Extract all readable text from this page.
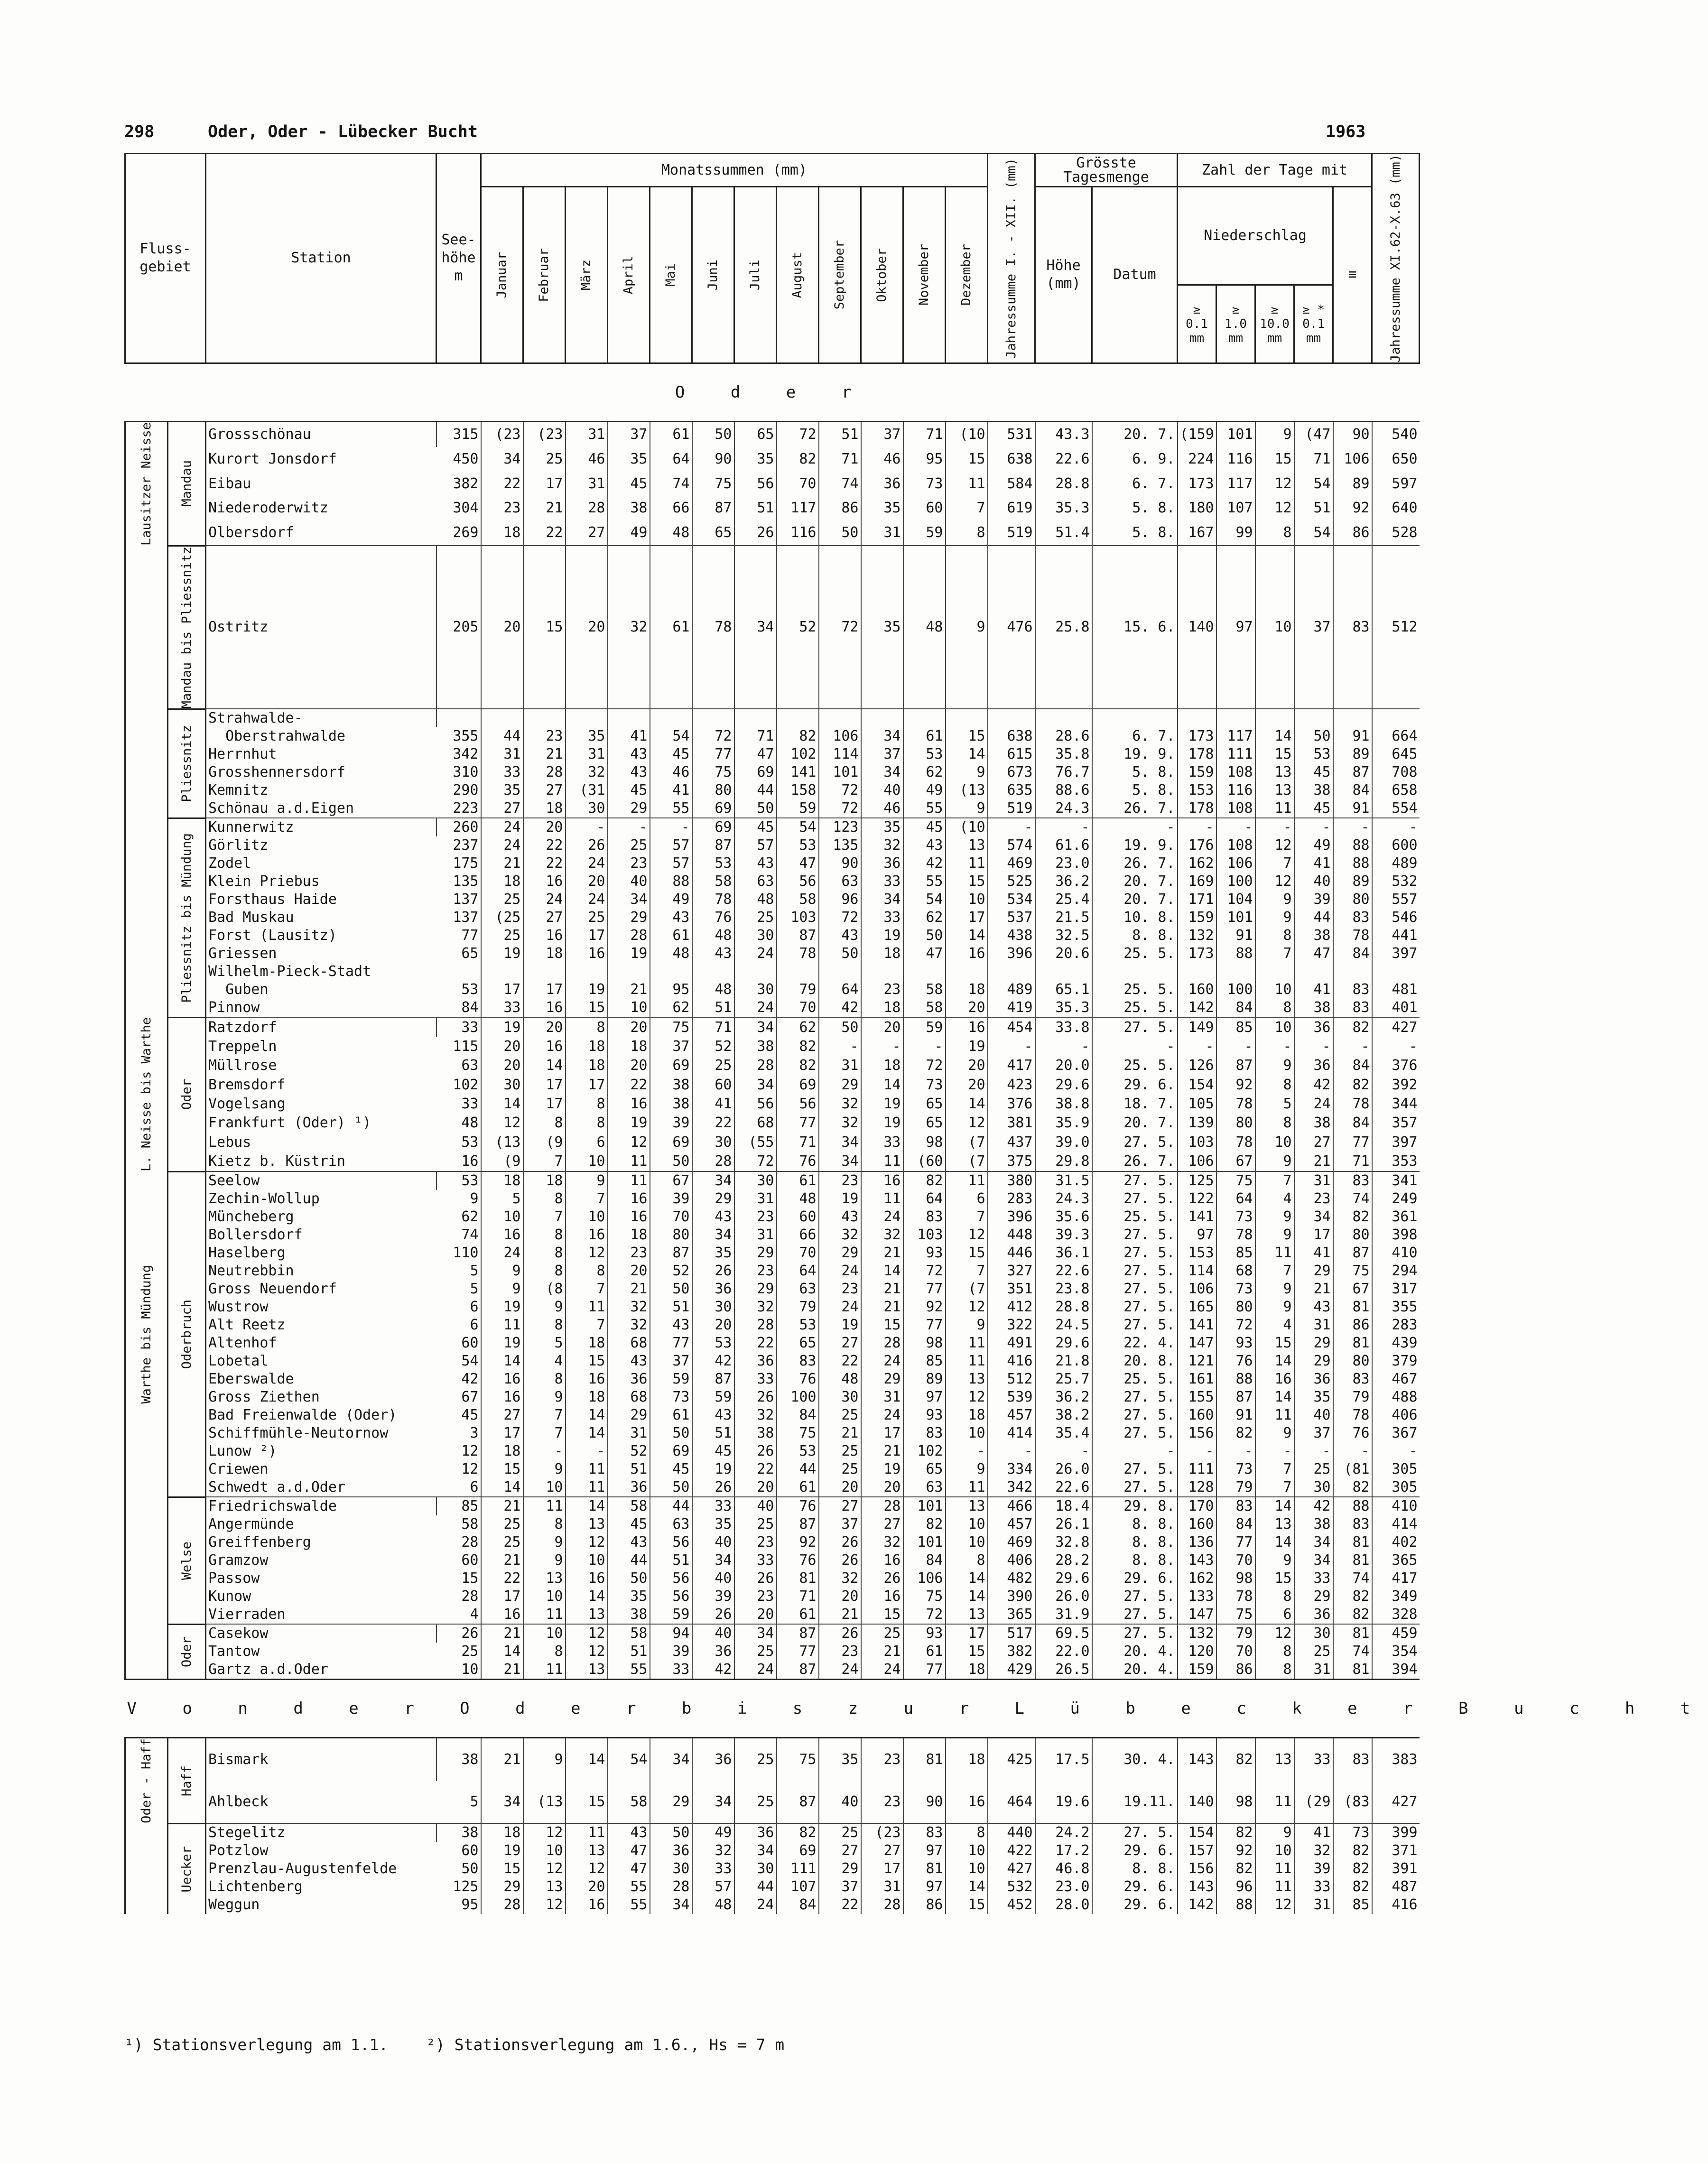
298	Oder, Oder - Lübecker Bucht	1963
Fluss-gebiet		Station	See-höhe m	Monatssummen (mm)												Jahressumme I. - XII. (mm)	Grösste Tagesmenge		Zahl der Tage mit					Jahressumme XI.62-X.63 (mm)

				Januar	Februar	März	April	Mai	Juni	Juli	August	September	Oktober	November	Dezember		Höhe (mm)	Datum	Niederschlag				≡	
																			≥ 0.1 mm	≥ 1.0 mm	≥ 10.0 mm	≥ * 0.1 mm		
O d e r																								

Lausitzer Neisse	Mandau	Grossschönau	315	(23	(23	31	37	61	50	65	72	51	37	71	(10	531	43.3	20. 7.	(159	101	9	(47	90	540
		Kurort Jonsdorf	450	34	25	46	35	64	90	35	82	71	46	95	15	638	22.6	6. 9.	224	116	15	71	106	650
		Eibau	382	22	17	31	45	74	75	56	70	74	36	73	11	584	28.8	6. 7.	173	117	12	54	89	597
		Niederoderwitz	304	23	21	28	38	66	87	51	117	86	35	60	7	619	35.3	5. 8.	180	107	12	51	92	640
		Olbersdorf	269	18	22	27	49	48	65	26	116	50	31	59	8	519	51.4	5. 8.	167	99	8	54	86	528

	Mandau bis Pliessnitz	Ostritz	205	20	15	20	32	61	78	34	52	72	35	48	9	476	25.8	15. 6.	140	97	10	37	83	512

	Pliessnitz	Strahwalde-																						
		Oberstrahwalde	355	44	23	35	41	54	72	71	82	106	34	61	15	638	28.6	6. 7.	173	117	14	50	91	664
		Herrnhut	342	31	21	31	43	45	77	47	102	114	37	53	14	615	35.8	19. 9.	178	111	15	53	89	645
		Grosshennersdorf	310	33	28	32	43	46	75	69	141	101	34	62	9	673	76.7	5. 8.	159	108	13	45	87	708
		Kemnitz	290	35	27	(31	45	41	80	44	158	72	40	49	(13	635	88.6	5. 8.	153	116	13	38	84	658
		Schönau a.d.Eigen	223	27	18	30	29	55	69	50	59	72	46	55	9	519	24.3	26. 7.	178	108	11	45	91	554

	Pliessnitz bis Mündung	Kunnerwitz	260	24	20	-	-	-	69	45	54	123	35	45	(10	-	-	-	-	-	-	-	-	-
		Görlitz	237	24	22	26	25	57	87	57	53	135	32	43	13	574	61.6	19. 9.	176	108	12	49	88	600
		Zodel	175	21	22	24	23	57	53	43	47	90	36	42	11	469	23.0	26. 7.	162	106	7	41	88	489
		Klein Priebus	135	18	16	20	40	88	58	63	56	63	33	55	15	525	36.2	20. 7.	169	100	12	40	89	532
		Forsthaus Haide	137	25	24	24	34	49	78	48	58	96	34	54	10	534	25.4	20. 7.	171	104	9	39	80	557
		Bad Muskau	137	(25	27	25	29	43	76	25	103	72	33	62	17	537	21.5	10. 8.	159	101	9	44	83	546
		Forst (Lausitz)	77	25	16	17	28	61	48	30	87	43	19	50	14	438	32.5	8. 8.	132	91	8	38	78	441
		Griessen	65	19	18	16	19	48	43	24	78	50	18	47	16	396	20.6	25. 5.	173	88	7	47	84	397
		Wilhelm-Pieck-Stadt																						
		Guben	53	17	17	19	21	95	48	30	79	64	23	58	18	489	65.1	25. 5.	160	100	10	41	83	481
		Pinnow	84	33	16	15	10	62	51	24	70	42	18	58	20	419	35.3	25. 5.	142	84	8	38	83	401

L. Neisse bis Warthe	Oder	Ratzdorf	33	19	20	8	20	75	71	34	62	50	20	59	16	454	33.8	27. 5.	149	85	10	36	82	427
		Treppeln	115	20	16	18	18	37	52	38	82	-	-	-	19	-	-	-	-	-	-	-	-	-
		Müllrose	63	20	14	18	20	69	25	28	82	31	18	72	20	417	20.0	25. 5.	126	87	9	36	84	376
		Bremsdorf	102	30	17	17	22	38	60	34	69	29	14	73	20	423	29.6	29. 6.	154	92	8	42	82	392
		Vogelsang	33	14	17	8	16	38	41	56	56	32	19	65	14	376	38.8	18. 7.	105	78	5	24	78	344
		Frankfurt (Oder) ¹)	48	12	8	8	19	39	22	68	77	32	19	65	12	381	35.9	20. 7.	139	80	8	38	84	357
		Lebus	53	(13	(9	6	12	69	30	(55	71	34	33	98	(7	437	39.0	27. 5.	103	78	10	27	77	397
		Kietz b. Küstrin	16	(9	7	10	11	50	28	72	76	34	11	(60	(7	375	29.8	26. 7.	106	67	9	21	71	353

Warthe bis Mündung	Oderbruch	Seelow	53	18	18	9	11	67	34	30	61	23	16	82	11	380	31.5	27. 5.	125	75	7	31	83	341
		Zechin-Wollup	9	5	8	7	16	39	29	31	48	19	11	64	6	283	24.3	27. 5.	122	64	4	23	74	249
		Müncheberg	62	10	7	10	16	70	43	23	60	43	24	83	7	396	35.6	25. 5.	141	73	9	34	82	361
		Bollersdorf	74	16	8	16	18	80	34	31	66	32	32	103	12	448	39.3	27. 5.	97	78	9	17	80	398
		Haselberg	110	24	8	12	23	87	35	29	70	29	21	93	15	446	36.1	27. 5.	153	85	11	41	87	410
		Neutrebbin	5	9	8	8	20	52	26	23	64	24	14	72	7	327	22.6	27. 5.	114	68	7	29	75	294
		Gross Neuendorf	5	9	(8	7	21	50	36	29	63	23	21	77	(7	351	23.8	27. 5.	106	73	9	21	67	317
		Wustrow	6	19	9	11	32	51	30	32	79	24	21	92	12	412	28.8	27. 5.	165	80	9	43	81	355
		Alt Reetz	6	11	8	7	32	43	20	28	53	19	15	77	9	322	24.5	27. 5.	141	72	4	31	86	283
		Altenhof	60	19	5	18	68	77	53	22	65	27	28	98	11	491	29.6	22. 4.	147	93	15	29	81	439
		Lobetal	54	14	4	15	43	37	42	36	83	22	24	85	11	416	21.8	20. 8.	121	76	14	29	80	379
		Eberswalde	42	16	8	16	36	59	87	33	76	48	29	89	13	512	25.7	25. 5.	161	88	16	36	83	467
		Gross Ziethen	67	16	9	18	68	73	59	26	100	30	31	97	12	539	36.2	27. 5.	155	87	14	35	79	488
		Bad Freienwalde (Oder)	45	27	7	14	29	61	43	32	84	25	24	93	18	457	38.2	27. 5.	160	91	11	40	78	406
		Schiffmühle-Neutornow	3	17	7	14	31	50	51	38	75	21	17	83	10	414	35.4	27. 5.	156	82	9	37	76	367
		Lunow ²)	12	18	-	-	52	69	45	26	53	25	21	102	-	-	-	-	-	-	-	-	-	-
		Criewen	12	15	9	11	51	45	19	22	44	25	19	65	9	334	26.0	27. 5.	111	73	7	25	(81	305
		Schwedt a.d.Oder	6	14	10	11	36	50	26	20	61	20	20	63	11	342	22.6	27. 5.	128	79	7	30	82	305

	Welse	Friedrichswalde	85	21	11	14	58	44	33	40	76	27	28	101	13	466	18.4	29. 8.	170	83	14	42	88	410
		Angermünde	58	25	8	13	45	63	35	25	87	37	27	82	10	457	26.1	8. 8.	160	84	13	38	83	414
		Greiffenberg	28	25	9	12	43	56	40	23	92	26	32	101	10	469	32.8	8. 8.	136	77	14	34	81	402
		Gramzow	60	21	9	10	44	51	34	33	76	26	16	84	8	406	28.2	8. 8.	143	70	9	34	81	365
		Passow	15	22	13	16	50	56	40	26	81	32	26	106	14	482	29.6	29. 6.	162	98	15	33	74	417
		Kunow	28	17	10	14	35	56	39	23	71	20	16	75	14	390	26.0	27. 5.	133	78	8	29	82	349
		Vierraden	4	16	11	13	38	59	26	20	61	21	15	72	13	365	31.9	27. 5.	147	75	6	36	82	328

	Oder	Casekow	26	21	10	12	58	94	40	34	87	26	25	93	17	517	69.5	27. 5.	132	79	12	30	81	459
		Tantow	25	14	8	12	51	39	36	25	77	23	21	61	15	382	22.0	20. 4.	120	70	8	25	74	354
		Gartz a.d.Oder	10	21	11	13	55	33	42	24	87	24	24	77	18	429	26.5	20. 4.	159	86	8	31	81	394
V o n d e r O d e r b i s z u r L ü b e c k e r B u c h t																								

Oder - Haff	Haff	Bismark	38	21	9	14	54	34	36	25	75	35	23	81	18	425	17.5	30. 4.	143	82	13	33	83	383
		Ahlbeck	5	34	(13	15	58	29	34	25	87	40	23	90	16	464	19.6	19.11.	140	98	11	(29	(83	427

	Uecker	Stegelitz	38	18	12	11	43	50	49	36	82	25	(23	83	8	440	24.2	27. 5.	154	82	9	41	73	399
		Potzlow	60	19	10	13	47	36	32	34	69	27	27	97	10	422	17.2	29. 6.	157	92	10	32	82	371
		Prenzlau-Augustenfelde	50	15	12	12	47	30	33	30	111	29	17	81	10	427	46.8	8. 8.	156	82	11	39	82	391
		Lichtenberg	125	29	13	20	55	28	57	44	107	37	31	97	14	532	23.0	29. 6.	143	96	11	33	82	487
		Weggun	95	28	12	16	55	34	48	24	84	22	28	86	15	452	28.0	29. 6.	142	88	12	31	85	416
¹) Stationsverlegung am 1.1. ²) Stationsverlegung am 1.6., Hs = 7 m
